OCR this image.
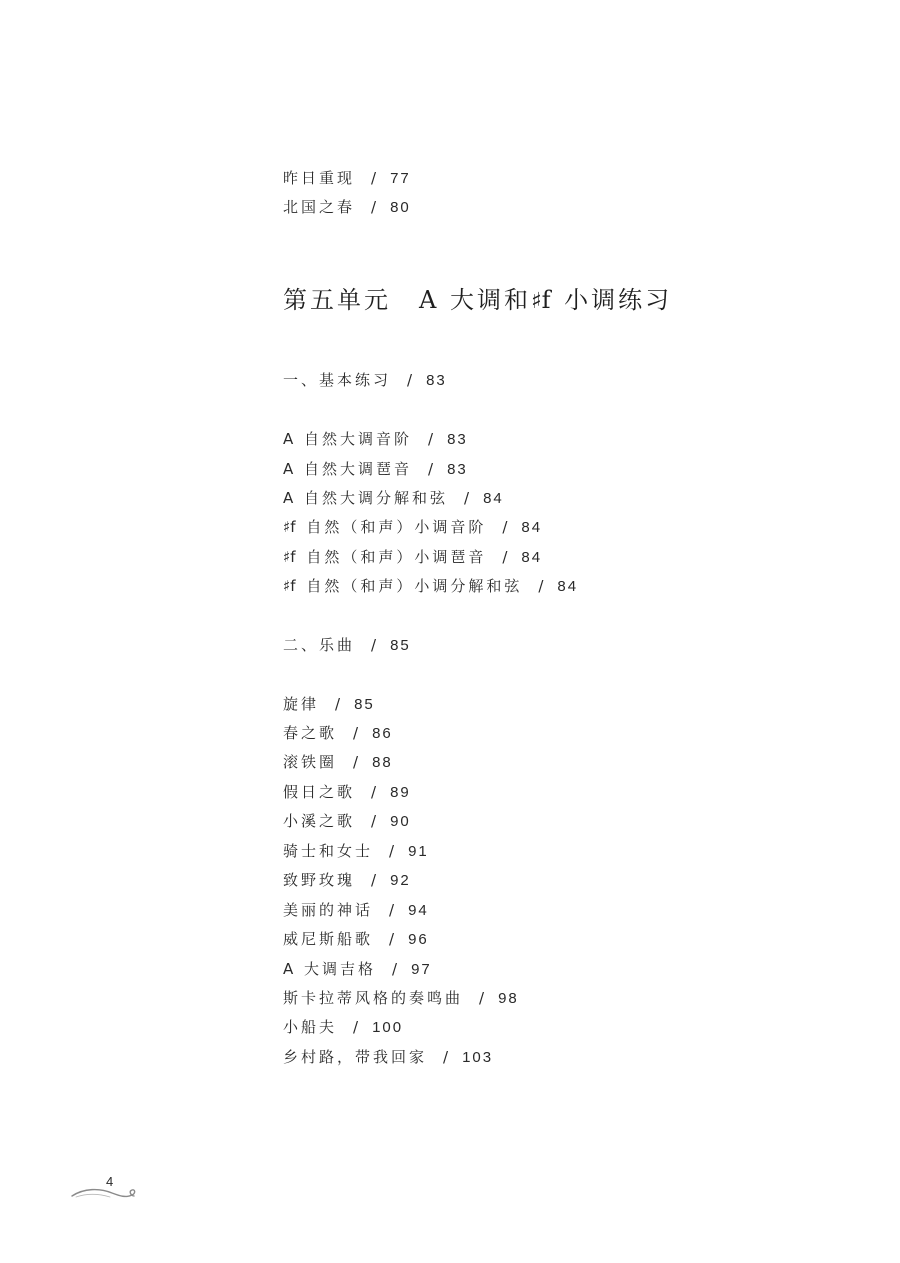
昨日重现 / 77
北国之春 / 80
第五单元 A 大调和♯f 小调练习
一、基本练习 / 83
A 自然大调音阶 / 83
A 自然大调琶音 / 83
A 自然大调分解和弦 / 84
♯f 自然（和声）小调音阶 / 84
♯f 自然（和声）小调琶音 / 84
♯f 自然（和声）小调分解和弦 / 84
二、乐曲 / 85
旋律 / 85
春之歌 / 86
滚铁圈 / 88
假日之歌 / 89
小溪之歌 / 90
骑士和女士 / 91
致野玫瑰 / 92
美丽的神话 / 94
威尼斯船歌 / 96
A 大调吉格 / 97
斯卡拉蒂风格的奏鸣曲 / 98
小船夫 / 100
乡村路，带我回家 / 103
4
